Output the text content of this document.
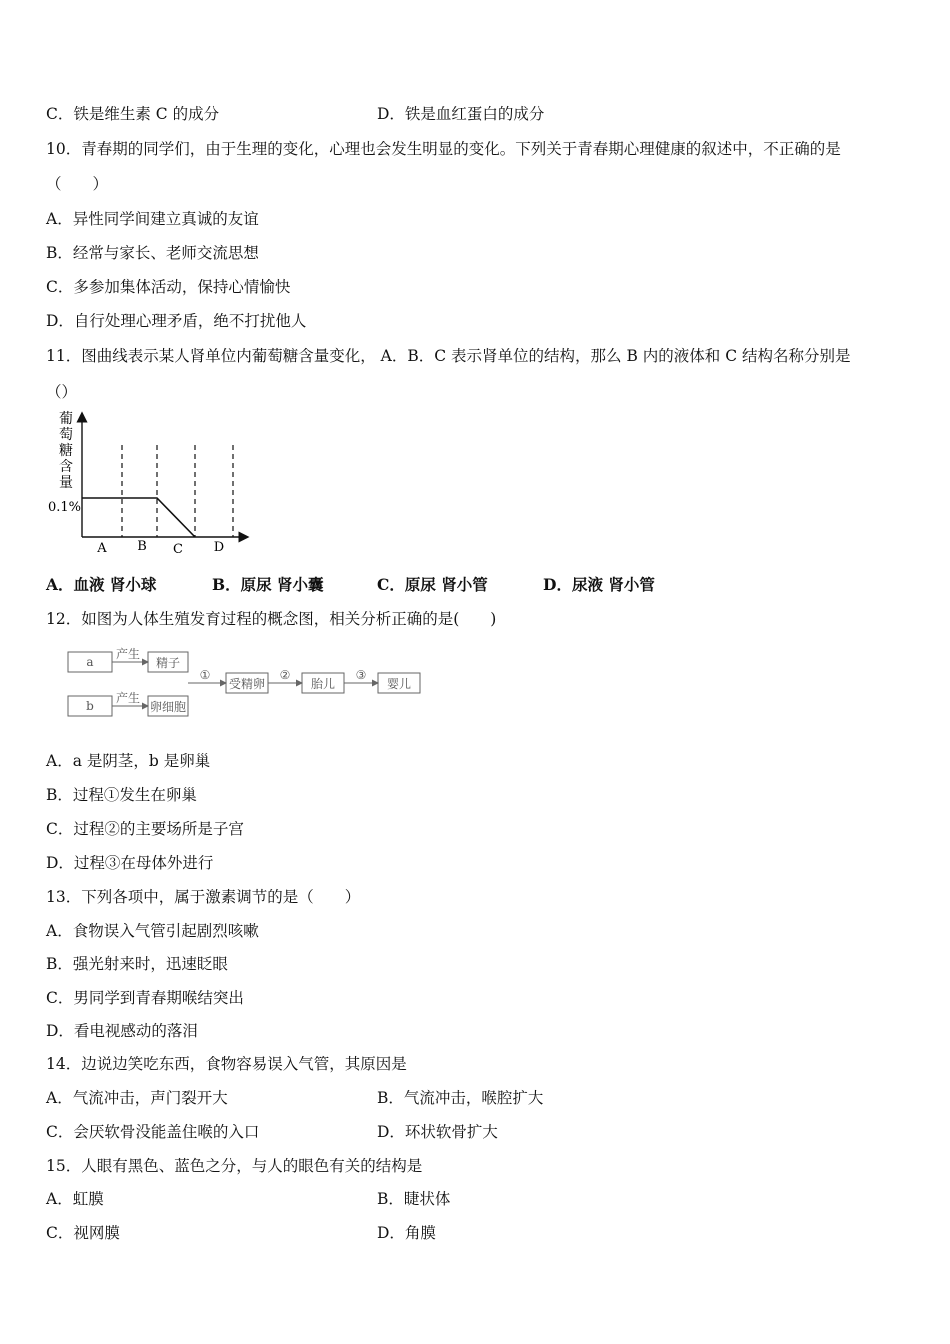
C．铁是维生素 C 的成分	D．铁是血红蛋白的成分
10．青春期的同学们，由于生理的变化，心理也会发生明显的变化。下列关于青春期心理健康的叙述中，不正确的是
（　　）
A．异性同学间建立真诚的友谊
B．经常与家长、老师交流思想
C．多参加集体活动，保持心情愉快
D．自行处理心理矛盾，绝不打扰他人
11．图曲线表示某人肾单位内葡萄糖含量变化， A．B．C 表示肾单位的结构，那么 B 内的液体和 C 结构名称分别是
（）
葡
萄
糖
含
量
0.1%
A B C D
A．血液 肾小球	B．原尿 肾小囊	C．原尿 肾小管	D．尿液 肾小管
12．如图为人体生殖发育过程的概念图，相关分析正确的是(　　)
a
b
产生
产生
精子
卵细胞
①
受精卵
②
胎儿
③
婴儿
A．a 是阴茎，b 是卵巢
B．过程①发生在卵巢
C．过程②的主要场所是子宫
D．过程③在母体外进行
13．下列各项中，属于激素调节的是（　　）
A．食物误入气管引起剧烈咳嗽
B．强光射来时，迅速眨眼
C．男同学到青春期喉结突出
D．看电视感动的落泪
14．边说边笑吃东西，食物容易误入气管，其原因是
A．气流冲击，声门裂开大	B．气流冲击，喉腔扩大
C．会厌软骨没能盖住喉的入口	D．环状软骨扩大
15．人眼有黑色、蓝色之分，与人的眼色有关的结构是
A．虹膜	B．睫状体
C．视网膜	D．角膜
